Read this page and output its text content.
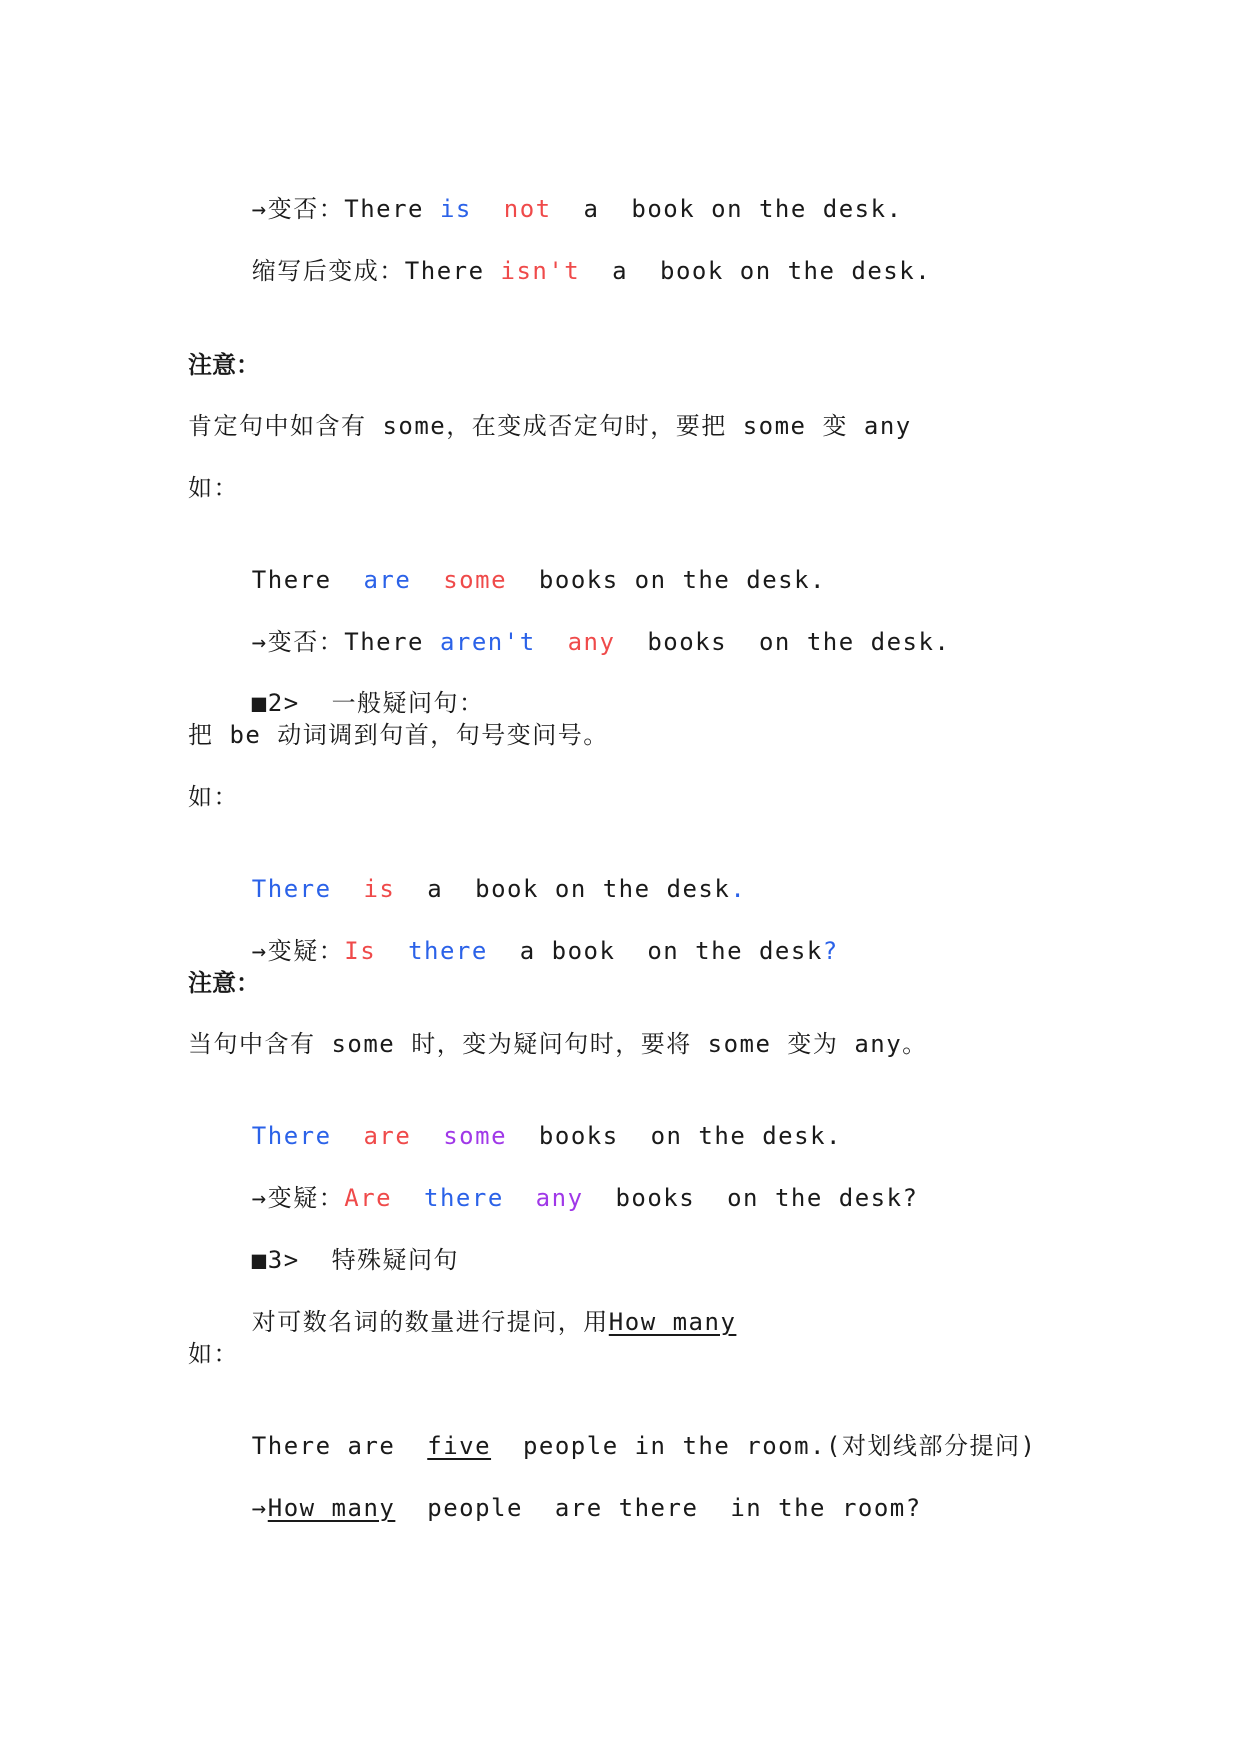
→变否：There is not a book on the desk.

缩写后变成：There isn't a book on the desk.

注意：
肯定句中如含有 some，在变成否定句时，要把 some 变 any
如：

There are some books on the desk.

→变否：There aren't any books on the desk.

■2> 一般疑问句：

把 be 动词调到句首，句号变问号。
如：

There is a book on the desk.

→变疑：Is there a book on the desk?

注意：
当句中含有 some 时，变为疑问句时，要将 some 变为 any。

There are some books on the desk.

→变疑：Are there any books on the desk?

■3> 特殊疑问句

对可数名词的数量进行提问，用How many

如：

There are five people in the room.(对划线部分提问)

→How many people are there in the room?
